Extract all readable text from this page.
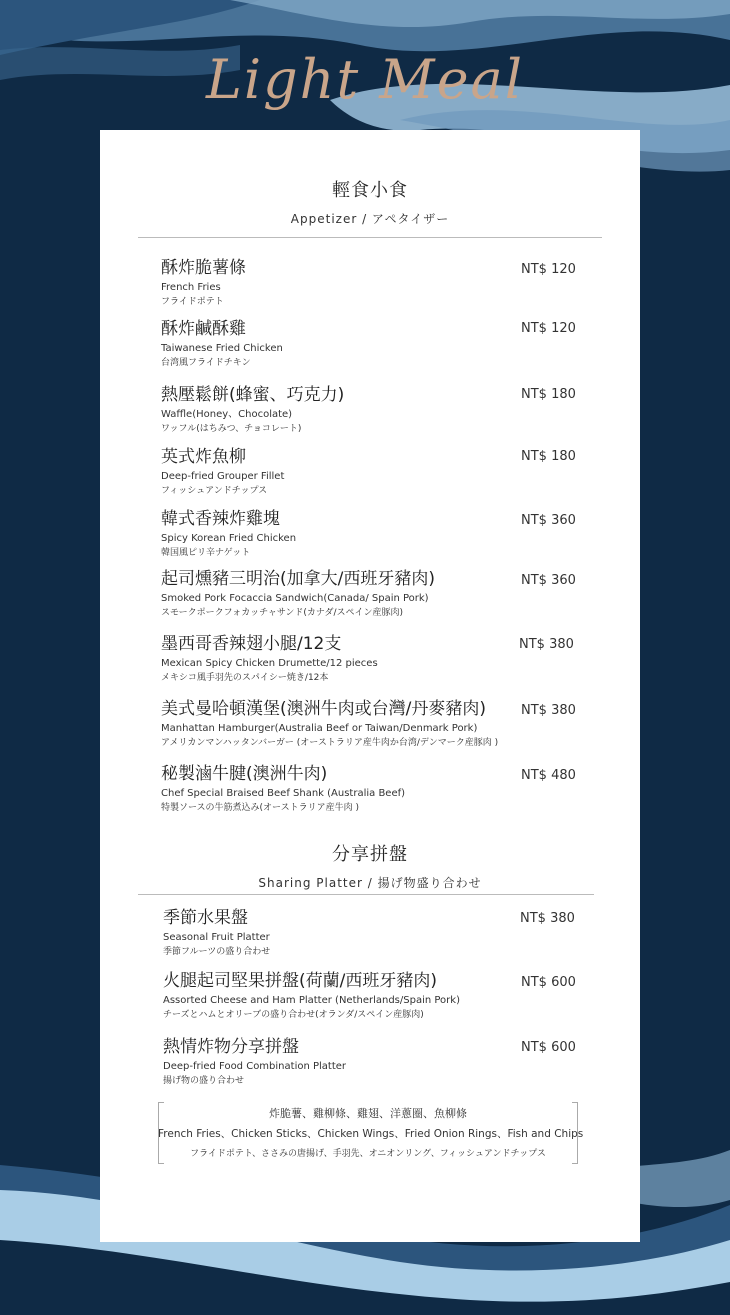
Light Meal
輕食小食
Appetizer / アペタイザー
酥炸脆薯條
French Fries
フライドポテト
NT$ 120
酥炸鹹酥雞
Taiwanese Fried Chicken
台湾風フライドチキン
NT$ 120
熱壓鬆餅(蜂蜜、巧克力)
Waffle(Honey、Chocolate)
ワッフル(はちみつ、チョコレート)
NT$ 180
英式炸魚柳
Deep-fried Grouper Fillet
フィッシュアンドチップス
NT$ 180
韓式香辣炸雞塊
Spicy Korean Fried Chicken
韓国風ピリ辛ナゲット
NT$ 360
起司燻豬三明治(加拿大/西班牙豬肉)
Smoked Pork Focaccia Sandwich(Canada/ Spain Pork)
スモークポークフォカッチャサンド(カナダ/スペイン産豚肉)
NT$ 360
墨西哥香辣翅小腿/12支
Mexican Spicy Chicken Drumette/12 pieces
メキシコ風手羽先のスパイシー焼き/12本
NT$ 380
美式曼哈頓漢堡(澳洲牛肉或台灣/丹麥豬肉)
Manhattan Hamburger(Australia Beef or Taiwan/Denmark Pork)
アメリカンマンハッタンバーガー (オーストラリア産牛肉か台湾/デンマーク産豚肉 )
NT$ 380
秘製滷牛腱(澳洲牛肉)
Chef Special Braised Beef Shank (Australia Beef)
特製ソースの牛筋煮込み(オーストラリア産牛肉 )
NT$ 480
分享拼盤
Sharing Platter / 揚げ物盛り合わせ
季節水果盤
Seasonal Fruit Platter
季節フルーツの盛り合わせ
NT$ 380
火腿起司堅果拼盤(荷蘭/西班牙豬肉)
Assorted Cheese and Ham Platter (Netherlands/Spain Pork)
チーズとハムとオリーブの盛り合わせ(オランダ/スペイン産豚肉)
NT$ 600
熱情炸物分享拼盤
Deep-fried Food Combination Platter
揚げ物の盛り合わせ
NT$ 600
炸脆薯、雞柳條、雞翅、洋蔥圈、魚柳條
French Fries、Chicken Sticks、Chicken Wings、Fried Onion Rings、Fish and Chips
フライドポテト、ささみの唐揚げ、手羽先、オニオンリング、フィッシュアンドチップス
